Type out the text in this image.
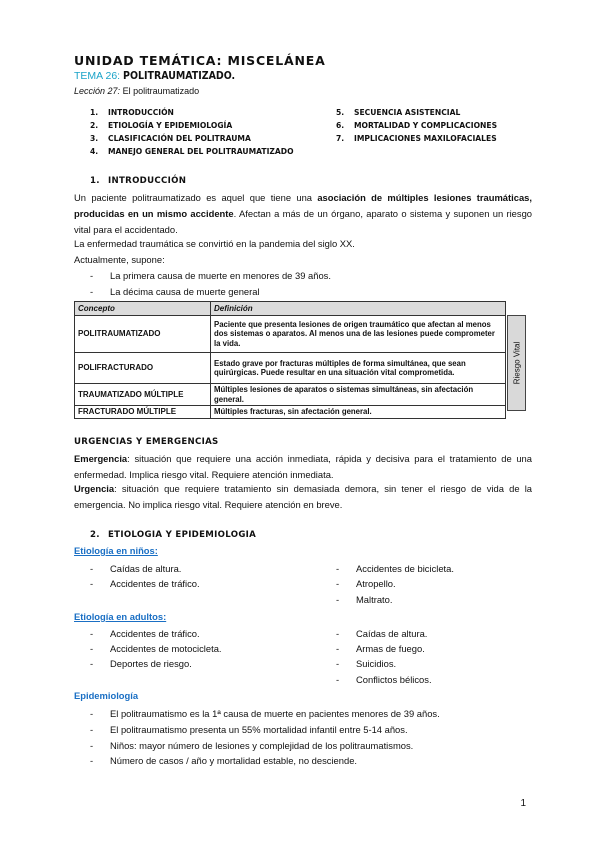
UNIDAD TEMÁTICA: MISCELÁNEA
TEMA 26: POLITRAUMATIZADO.
Lección 27: El politraumatizado
1. INTRODUCCIÓN
2. ETIOLOGÍA Y EPIDEMIOLOGÍA
3. CLASIFICACIÓN DEL POLITRAUMA
4. MANEJO GENERAL DEL POLITRAUMATIZADO
5. SECUENCIA ASISTENCIAL
6. MORTALIDAD Y COMPLICACIONES
7. IMPLICACIONES MAXILOFACIALES
1. INTRODUCCIÓN
Un paciente politraumatizado es aquel que tiene una asociación de múltiples lesiones traumáticas, producidas en un mismo accidente. Afectan a más de un órgano, aparato o sistema y suponen un riesgo vital para el accidentado.
La enfermedad traumática se convirtió en la pandemia del siglo XX.
Actualmente, supone:
- La primera causa de muerte en menores de 39 años.
- La décima causa de muerte general
Concepto	Definición
POLITRAUMATIZADO	Paciente que presenta lesiones de origen traumático que afectan al menos dos sistemas o aparatos. Al menos una de las lesiones puede comprometer la vida.
POLIFRACTURADO	Estado grave por fracturas múltiples de forma simultánea, que sean quirúrgicas. Puede resultar en una situación vital comprometida.
TRAUMATIZADO MÚLTIPLE	Múltiples lesiones de aparatos o sistemas simultáneas, sin afectación general.
FRACTURADO MÚLTIPLE	Múltiples fracturas, sin afectación general.
Riesgo Vital
URGENCIAS Y EMERGENCIAS
Emergencia: situación que requiere una acción inmediata, rápida y decisiva para el tratamiento de una enfermedad. Implica riesgo vital. Requiere atención inmediata.
Urgencia: situación que requiere tratamiento sin demasiada demora, sin tener el riesgo de vida de la emergencia. No implica riesgo vital. Requiere atención en breve.
2. ETIOLOGIA Y EPIDEMIOLOGIA
Etiología en niños:
- Caídas de altura.
- Accidentes de tráfico.
- Accidentes de bicicleta.
- Atropello.
- Maltrato.
Etiología en adultos:
- Accidentes de tráfico.
- Accidentes de motocicleta.
- Deportes de riesgo.
- Caídas de altura.
- Armas de fuego.
- Suicidios.
- Conflictos bélicos.
Epidemiología
- El politraumatismo es la 1ª causa de muerte en pacientes menores de 39 años.
- El politraumatismo presenta un 55% mortalidad infantil entre 5-14 años.
- Niños: mayor número de lesiones y complejidad de los politraumatismos.
- Número de casos / año y mortalidad estable, no desciende.
1
